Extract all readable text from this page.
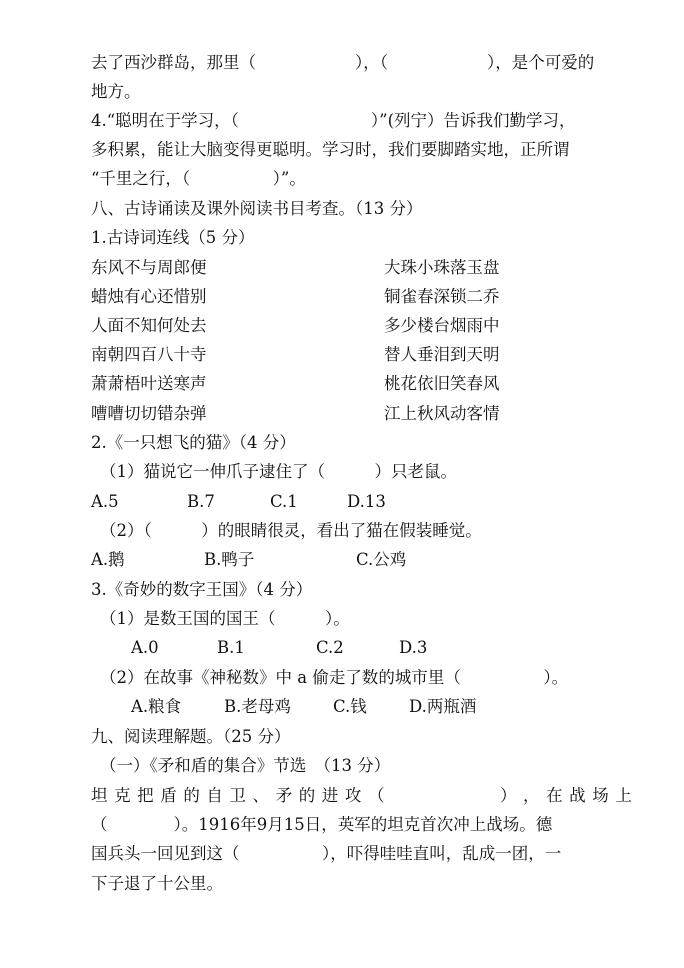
去了西沙群岛，那里（　　　　　　），（　　　　　　），是个可爱的
地方。
4.“聪明在于学习，（　　　　　　　　）”(列宁）告诉我们勤学习，
多积累，能让大脑变得更聪明。学习时，我们要脚踏实地，正所谓
“千里之行，（　　　　　）”。
八、古诗诵读及课外阅读书目考查。（13 分）
1.古诗词连线（5 分）
东风不与周郎便	大珠小珠落玉盘
蜡烛有心还惜别	铜雀春深锁二乔
人面不知何处去	多少楼台烟雨中
南朝四百八十寺	替人垂泪到天明
萧萧梧叶送寒声	桃花依旧笑春风
嘈嘈切切错杂弹	江上秋风动客情
2.《一只想飞的猫》（4 分）
（1）猫说它一伸爪子逮住了（　　　）只老鼠。
A.5	B.7	C.1	D.13
（2）（　　　）的眼睛很灵，看出了猫在假装睡觉。
A.鹅	B.鸭子	C.公鸡
3.《奇妙的数字王国》（4 分）
（1）是数王国的国王（　　　）。
A.0	B.1	C.2	D.3
（2）在故事《神秘数》中 a 偷走了数的城市里（　　　　　）。
A.粮食	B.老母鸡	C.钱	D.两瓶酒
九、阅读理解题。（25 分）
（一）《矛和盾的集合》节选　（13 分）
坦 克 把 盾 的 自 卫 、 矛 的 进 攻 （　　　　　　　） ， 在 战 场 上
（　　　　）。1916年9月15日，英军的坦克首次冲上战场。德
国兵头一回见到这（　　　　　），吓得哇哇直叫，乱成一团，一
下子退了十公里。
